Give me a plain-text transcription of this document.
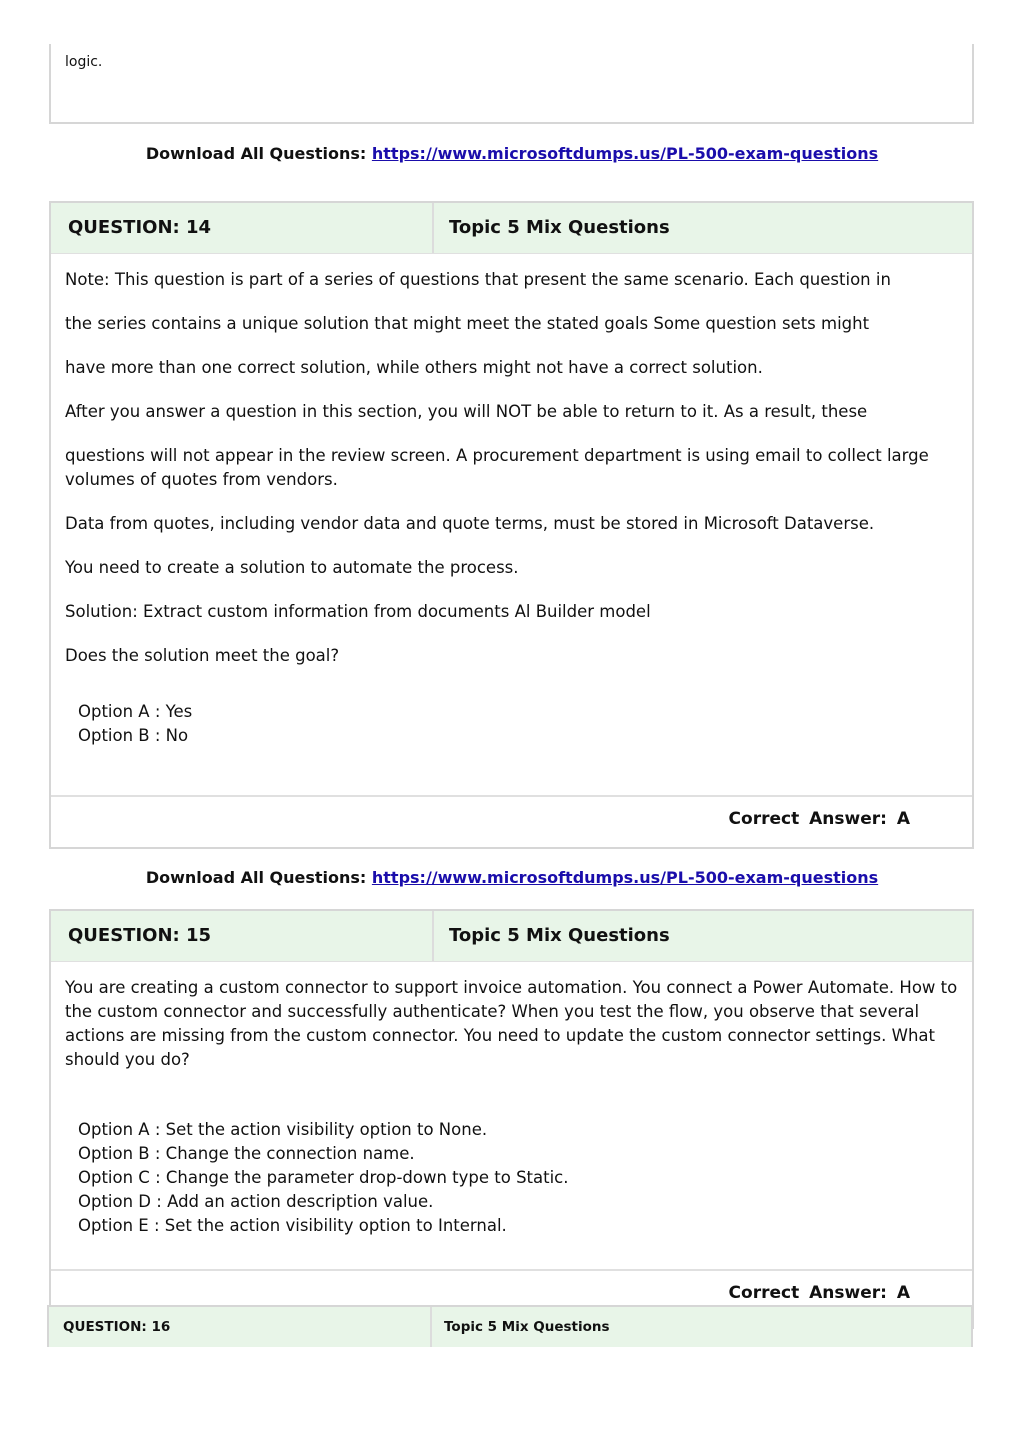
logic.
Download All Questions: https://www.microsoftdumps.us/PL-500-exam-questions
QUESTION: 14	Topic 5 Mix Questions

Note: This question is part of a series of questions that present the same scenario. Each question in

the series contains a unique solution that might meet the stated goals Some question sets might

have more than one correct solution, while others might not have a correct solution.

After you answer a question in this section, you will NOT be able to return to it. As a result, these

questions will not appear in the review screen. A procurement department is using email to collect large volumes of quotes from vendors.

Data from quotes, including vendor data and quote terms, must be stored in Microsoft Dataverse.

You need to create a solution to automate the process.

Solution: Extract custom information from documents Al Builder model

Does the solution meet the goal?

Option A : Yes
Option B : No
Correct Answer: A
Download All Questions: https://www.microsoftdumps.us/PL-500-exam-questions
QUESTION: 15	Topic 5 Mix Questions

You are creating a custom connector to support invoice automation. You connect a Power Automate. How to the custom connector and successfully authenticate? When you test the flow, you observe that several actions are missing from the custom connector. You need to update the custom connector settings. What should you do?

Option A : Set the action visibility option to None.
Option B : Change the connection name.
Option C : Change the parameter drop-down type to Static.
Option D : Add an action description value.
Option E : Set the action visibility option to Internal.
Correct Answer: A
QUESTION: 16	Topic 5 Mix Questions
